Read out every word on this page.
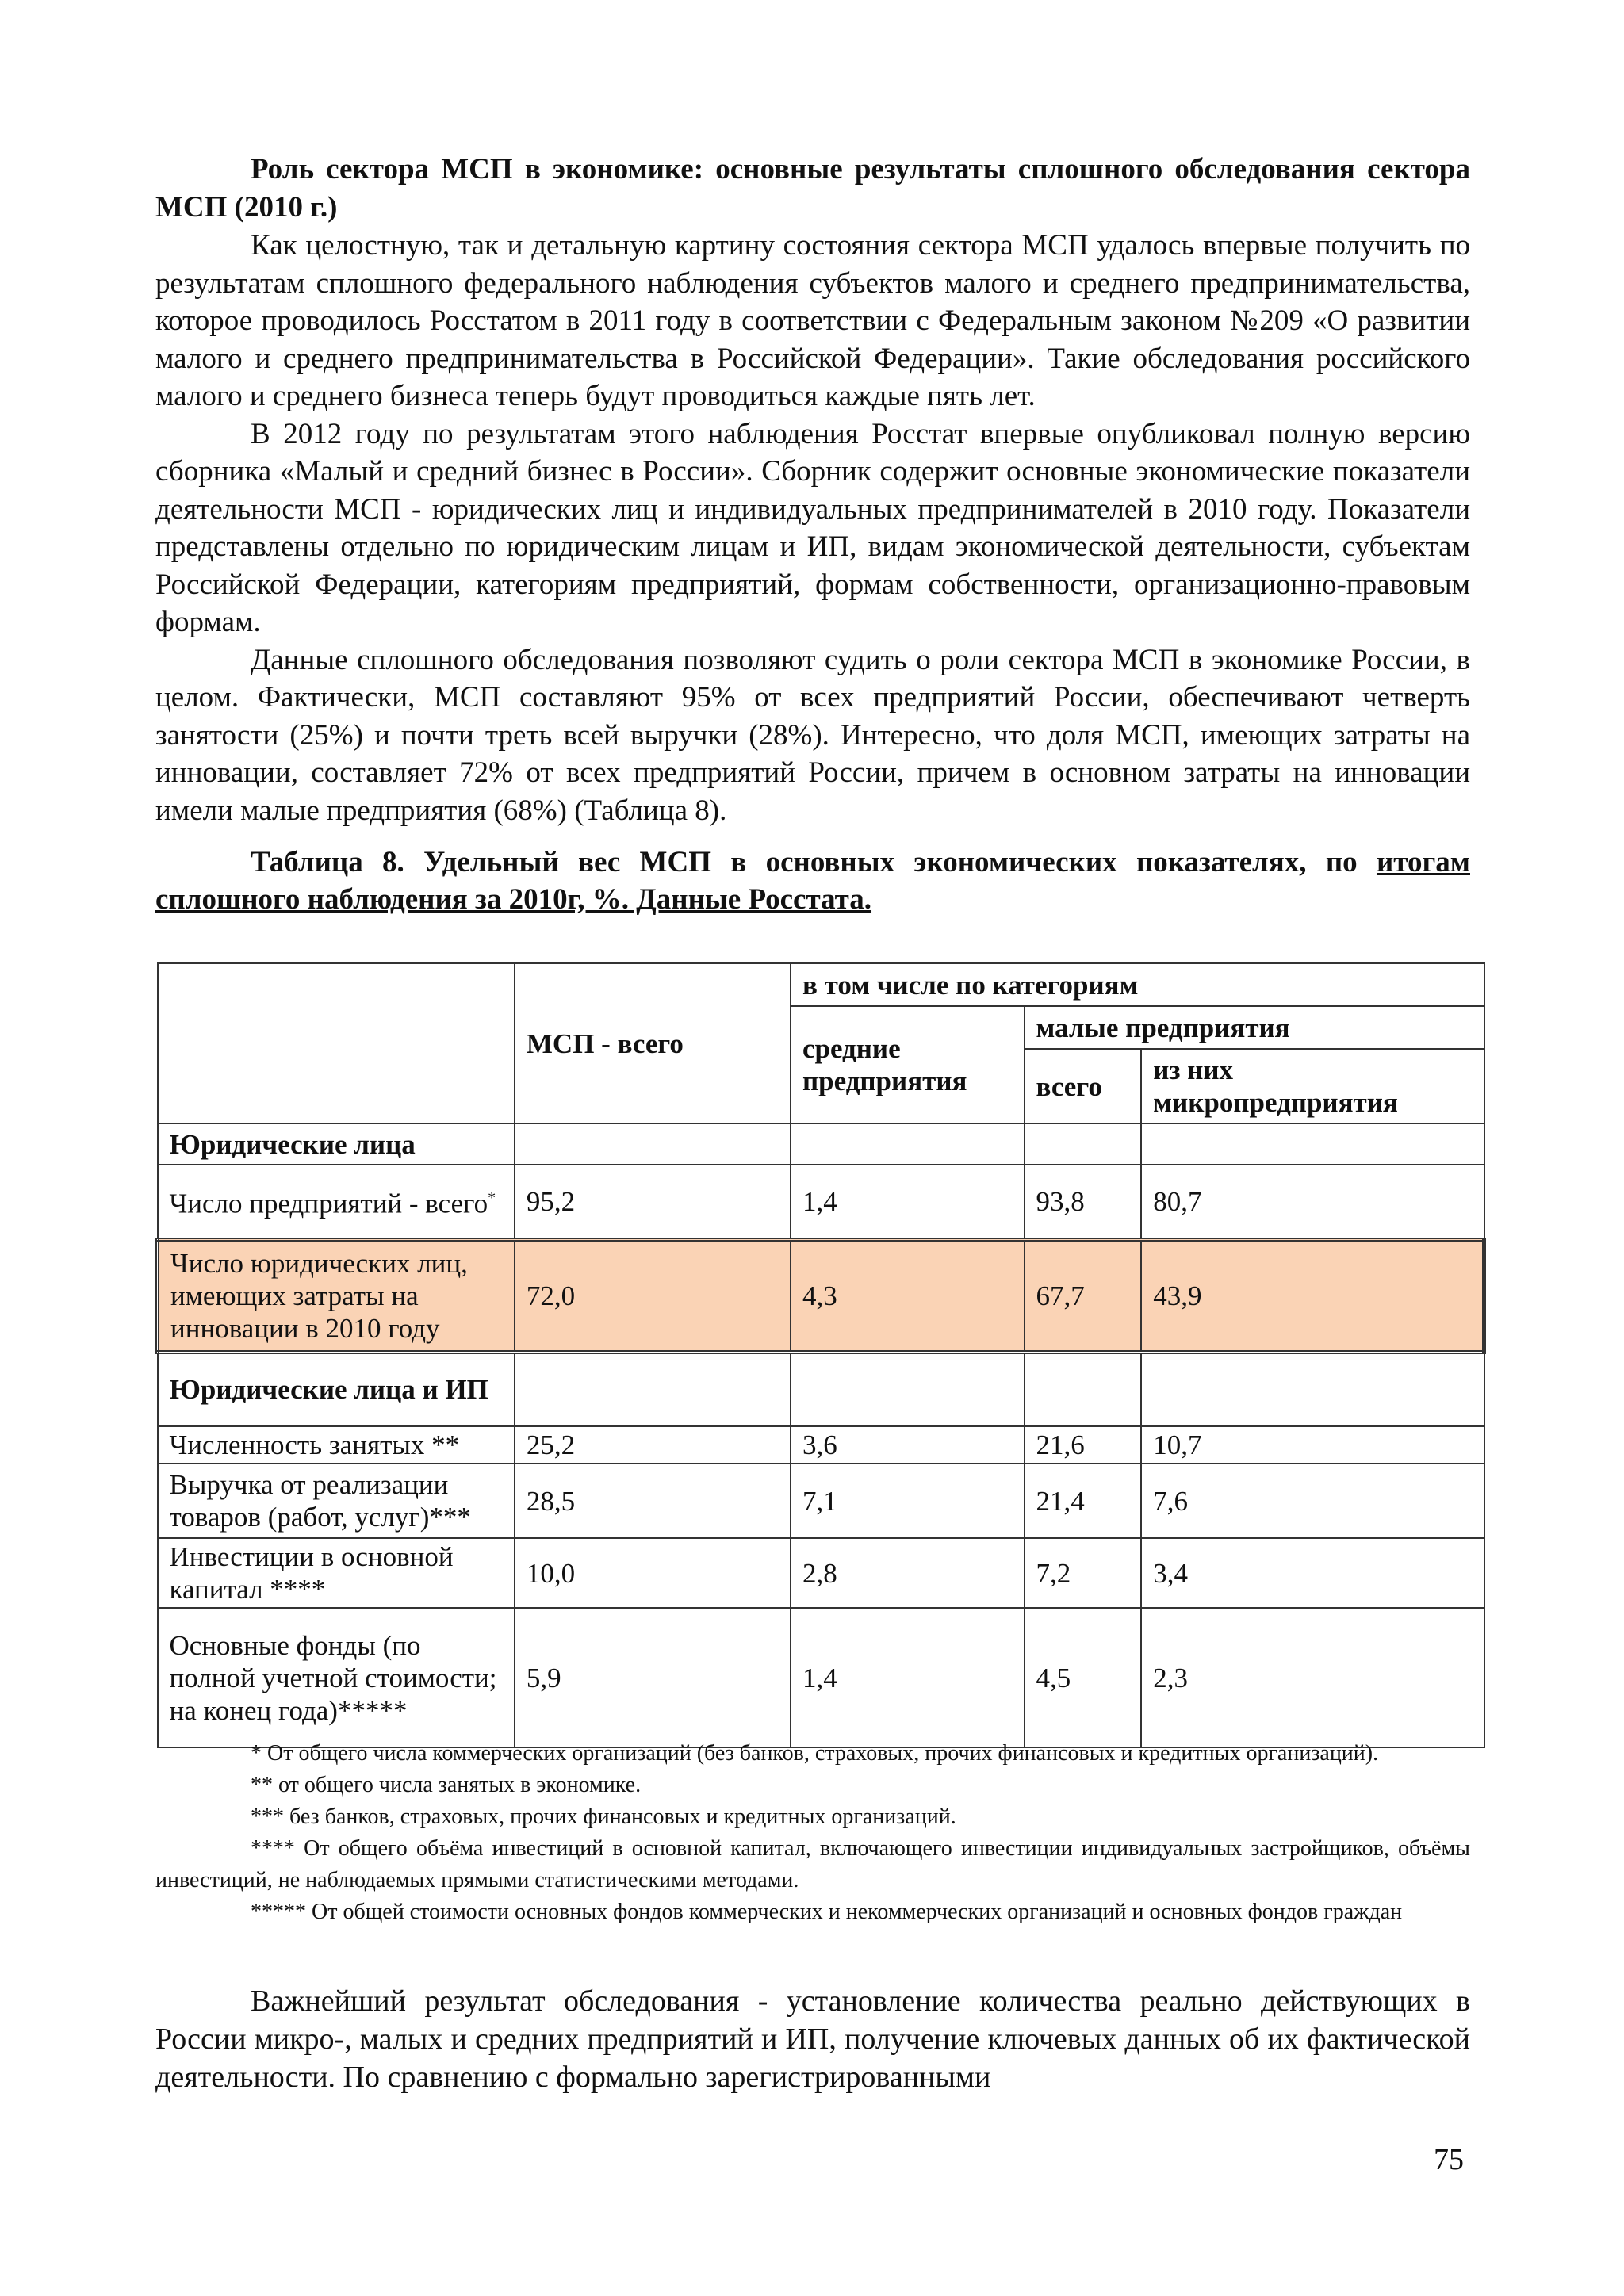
Роль сектора МСП в экономике: основные результаты сплошного обследования сектора МСП (2010 г.)

Как целостную, так и детальную картину состояния сектора МСП удалось впервые получить по результатам сплошного федерального наблюдения субъектов малого и среднего предпринимательства, которое проводилось Росстатом в 2011 году в соответствии с Федеральным законом №209 «О развитии малого и среднего предпринимательства в Российской Федерации». Такие обследования российского малого и среднего бизнеса теперь будут проводиться каждые пять лет.

В 2012 году по результатам этого наблюдения Росстат впервые опубликовал полную версию сборника «Малый и средний бизнес в России». Сборник содержит основные экономические показатели деятельности МСП - юридических лиц и индивидуальных предпринимателей в 2010 году. Показатели представлены отдельно по юридическим лицам и ИП, видам экономической деятельности, субъектам Российской Федерации, категориям предприятий, формам собственности, организационно-правовым формам.

Данные сплошного обследования позволяют судить о роли сектора МСП в экономике России, в целом. Фактически, МСП составляют 95% от всех предприятий России, обеспечивают четверть занятости (25%) и почти треть всей выручки (28%). Интересно, что доля МСП, имеющих затраты на инновации, составляет 72% от всех предприятий России, причем в основном затраты на инновации имели малые предприятия (68%) (Таблица 8).

Таблица 8. Удельный вес МСП в основных экономических показателях, по итогам сплошного наблюдения за 2010г, %. Данные Росстата.

	МСП - всего	в том числе по категориям		
		средние предприятия	малые предприятия	
			всего	из них микропредприятия
Юридические лица				
Число предприятий - всего*	95,2	1,4	93,8	80,7
Число юридических лиц, имеющих затраты на инновации в 2010 году	72,0	4,3	67,7	43,9
Юридические лица и ИП				
Численность занятых **	25,2	3,6	21,6	10,7
Выручка от реализации товаров (работ, услуг)***	28,5	7,1	21,4	7,6
Инвестиции в основной капитал ****	10,0	2,8	7,2	3,4
Основные фонды (по полной учетной стоимости; на конец года)*****	5,9	1,4	4,5	2,3

* От общего числа коммерческих организаций (без банков, страховых, прочих финансовых и кредитных организаций).

** от общего числа занятых в экономике.

*** без банков, страховых, прочих финансовых и кредитных организаций.

**** От общего объёма инвестиций в основной капитал, включающего инвестиции индивидуальных застройщиков, объёмы инвестиций, не наблюдаемых прямыми статистическими методами.

***** От общей стоимости основных фондов коммерческих и некоммерческих организаций и основных фондов граждан

Важнейший результат обследования - установление количества реально действующих в России микро-, малых и средних предприятий и ИП, получение ключевых данных об их фактической деятельности. По сравнению с формально зарегистрированными

75
